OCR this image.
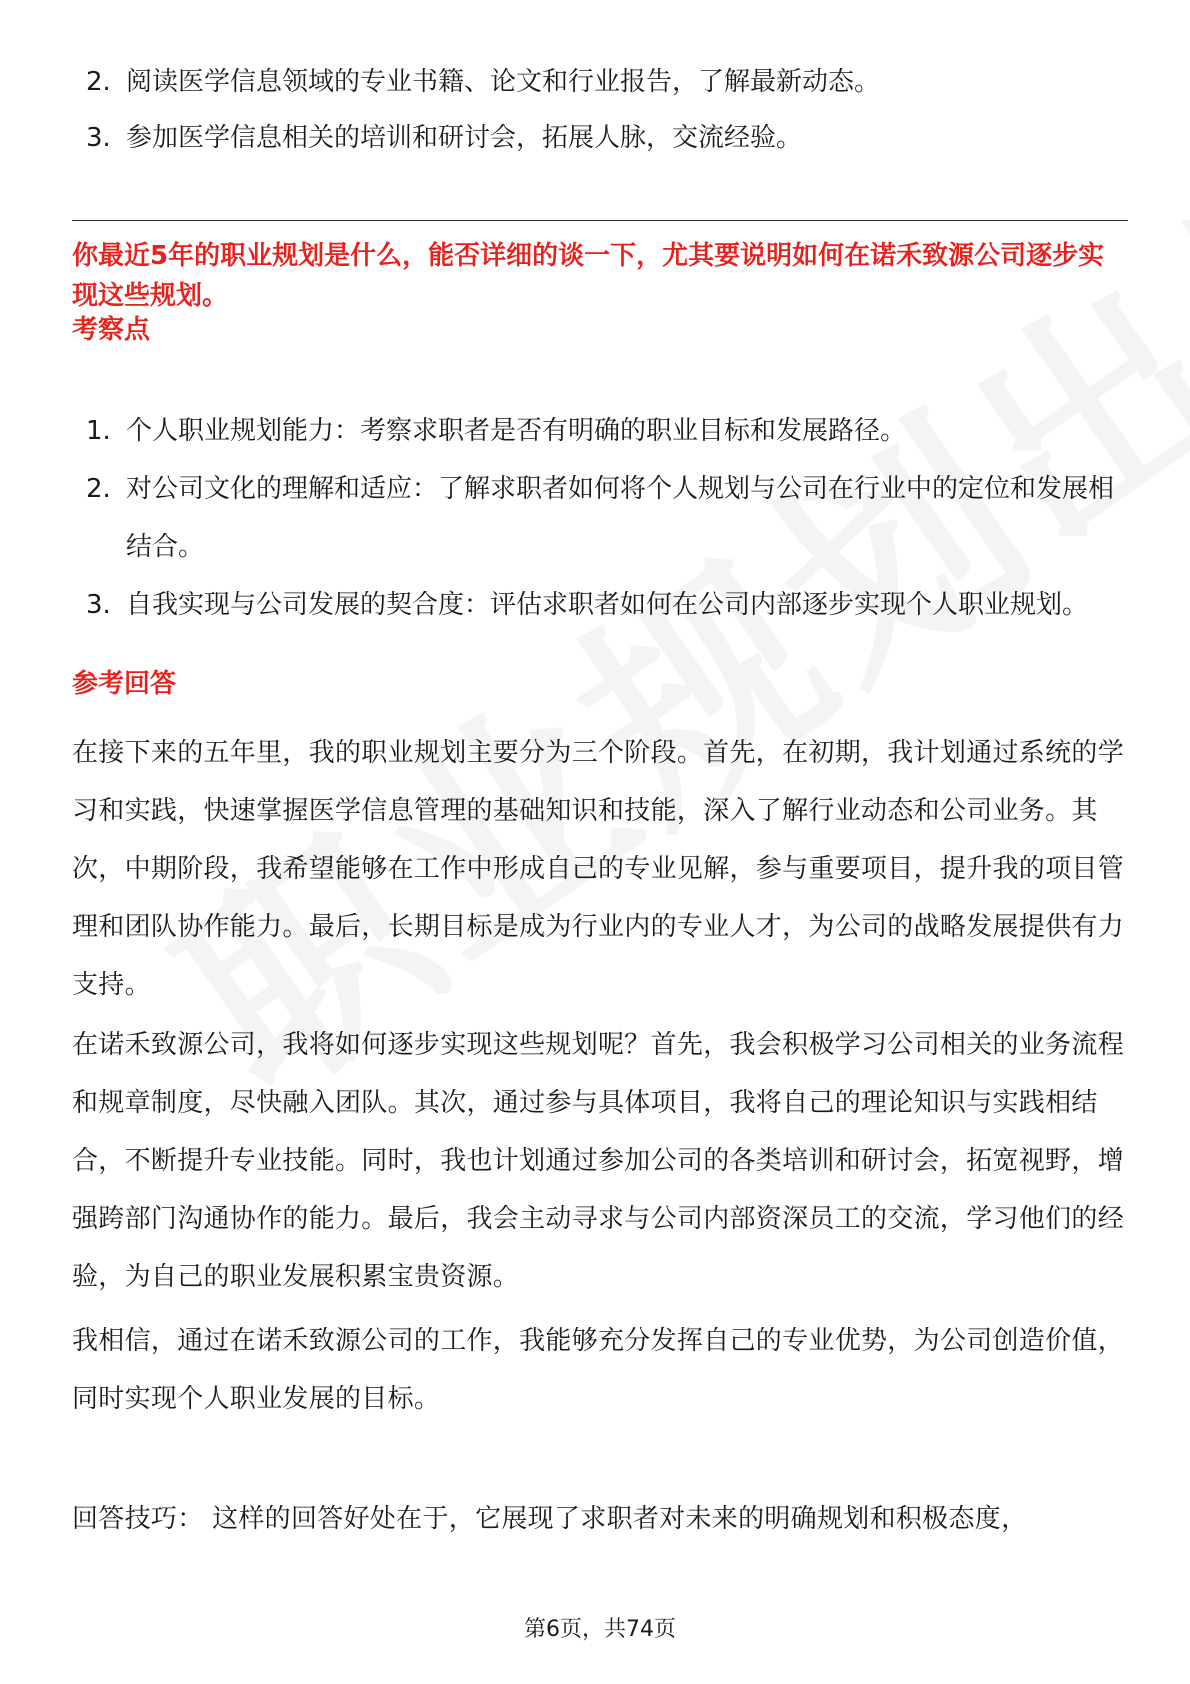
2. 阅读医学信息领域的专业书籍、论文和行业报告，了解最新动态。
3. 参加医学信息相关的培训和研讨会，拓展人脉，交流经验。
你最近5年的职业规划是什么，能否详细的谈一下，尤其要说明如何在诺禾致源公司逐步实现这些规划。
考察点
1. 个人职业规划能力：考察求职者是否有明确的职业目标和发展路径。
2. 对公司文化的理解和适应：了解求职者如何将个人规划与公司在行业中的定位和发展相结合。
3. 自我实现与公司发展的契合度：评估求职者如何在公司内部逐步实现个人职业规划。
参考回答

在接下来的五年里，我的职业规划主要分为三个阶段。首先，在初期，我计划通过系统的学习和实践，快速掌握医学信息管理的基础知识和技能，深入了解行业动态和公司业务。其次，中期阶段，我希望能够在工作中形成自己的专业见解，参与重要项目，提升我的项目管理和团队协作能力。最后，长期目标是成为行业内的专业人才，为公司的战略发展提供有力支持。

在诺禾致源公司，我将如何逐步实现这些规划呢？首先，我会积极学习公司相关的业务流程和规章制度，尽快融入团队。其次，通过参与具体项目，我将自己的理论知识与实践相结合，不断提升专业技能。同时，我也计划通过参加公司的各类培训和研讨会，拓宽视野，增强跨部门沟通协作的能力。最后，我会主动寻求与公司内部资深员工的交流，学习他们的经验，为自己的职业发展积累宝贵资源。

我相信，通过在诺禾致源公司的工作，我能够充分发挥自己的专业优势，为公司创造价值，同时实现个人职业发展的目标。

回答技巧： 这样的回答好处在于，它展现了求职者对未来的明确规划和积极态度，

第6页，共74页
